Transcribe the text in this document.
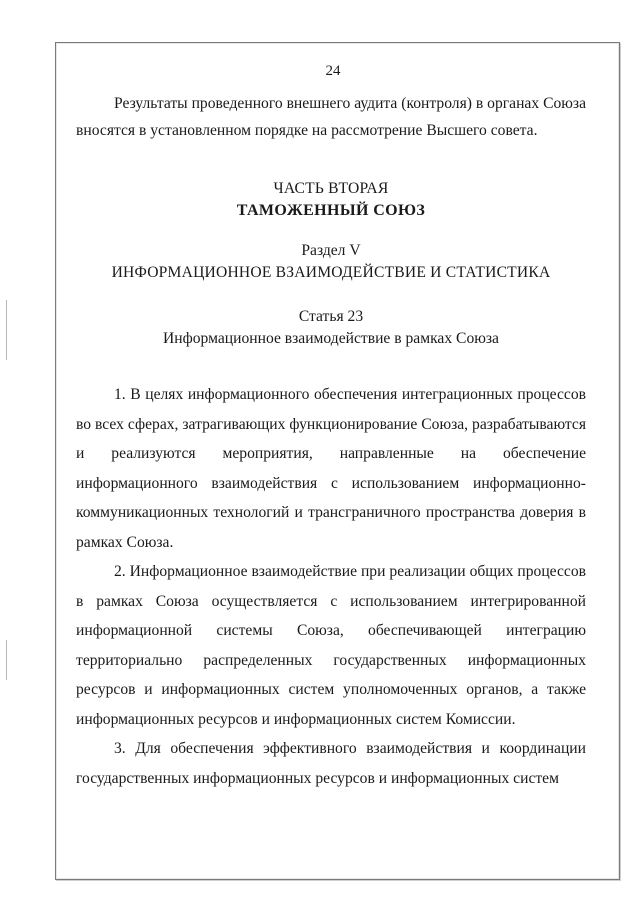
24

Результаты проведенного внешнего аудита (контроля) в органах Союза вносятся в установленном порядке на рассмотрение Высшего совета.

ЧАСТЬ ВТОРАЯ

ТАМОЖЕННЫЙ СОЮЗ

Раздел V

ИНФОРМАЦИОННОЕ ВЗАИМОДЕЙСТВИЕ И СТАТИСТИКА

Статья 23

Информационное взаимодействие в рамках Союза

1. В целях информационного обеспечения интеграционных процессов во всех сферах, затрагивающих функционирование Союза, разрабатываются и реализуются мероприятия, направленные на обеспечение информационного взаимодействия с использованием информационно-коммуникационных технологий и трансграничного пространства доверия в рамках Союза.

2. Информационное взаимодействие при реализации общих процессов в рамках Союза осуществляется с использованием интегрированной информационной системы Союза, обеспечивающей интеграцию территориально распределенных государственных информационных ресурсов и информационных систем уполномоченных органов, а также информационных ресурсов и информационных систем Комиссии.

3. Для обеспечения эффективного взаимодействия и координации государственных информационных ресурсов и информационных систем
